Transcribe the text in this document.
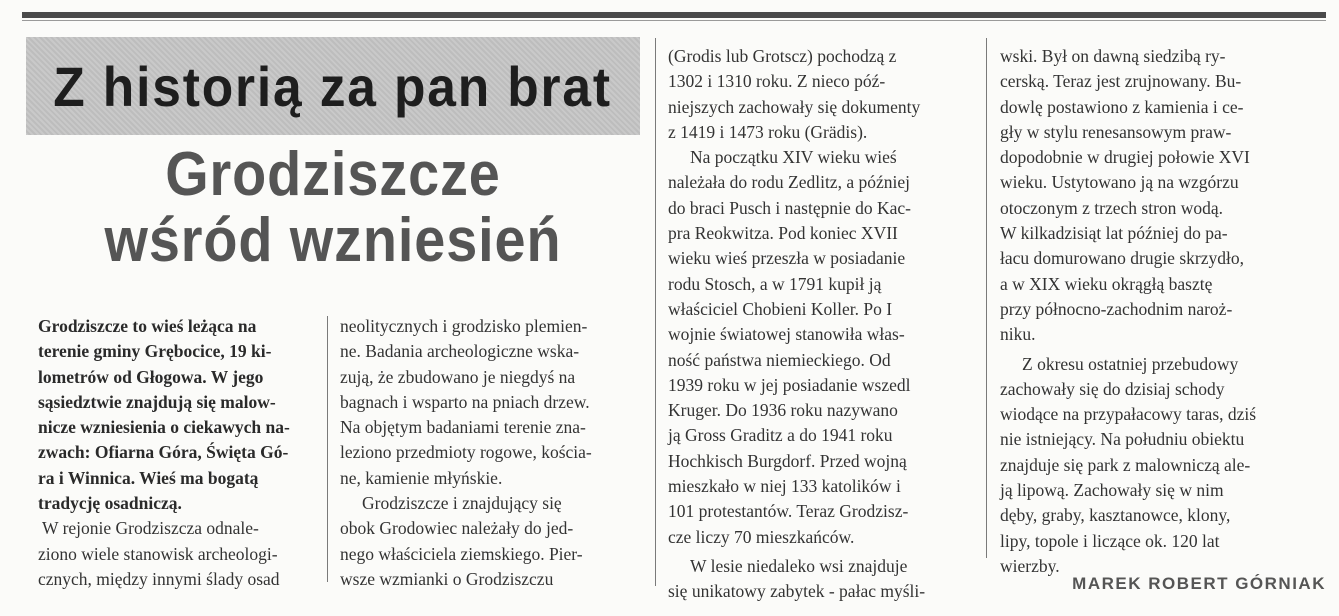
Z historią za pan brat
Grodziszcze
wśród wzniesień
Grodziszcze to wieś leżąca na
terenie gminy Grębocice, 19 ki-
lometrów od Głogowa. W jego
sąsiedztwie znajdują się malow-
nicze wzniesienia o ciekawych na-
zwach: Ofiarna Góra, Święta Gó-
ra i Winnica. Wieś ma bogatą
tradycję osadniczą.
W rejonie Grodziszcza odnale-
ziono wiele stanowisk archeologi-
cznych, między innymi ślady osad
neolitycznych i grodzisko plemien-
ne. Badania archeologiczne wska-
zują, że zbudowano je niegdyś na
bagnach i wsparto na pniach drzew.
Na objętym badaniami terenie zna-
leziono przedmioty rogowe, kościa-
ne, kamienie młyńskie.
Grodziszcze i znajdujący się
obok Grodowiec należały do jed-
nego właściciela ziemskiego. Pier-
wsze wzmianki o Grodziszczu
(Grodis lub Grotscz) pochodzą z
1302 i 1310 roku. Z nieco póź-
niejszych zachowały się dokumenty
z 1419 i 1473 roku (Grädis).
Na początku XIV wieku wieś
należała do rodu Zedlitz, a później
do braci Pusch i następnie do Kac-
pra Reokwitza. Pod koniec XVII
wieku wieś przeszła w posiadanie
rodu Stosch, a w 1791 kupił ją
właściciel Chobieni Koller. Po I
wojnie światowej stanowiła włas-
ność państwa niemieckiego. Od
1939 roku w jej posiadanie wszedl
Kruger. Do 1936 roku nazywano
ją Gross Graditz a do 1941 roku
Hochkisch Burgdorf. Przed wojną
mieszkało w niej 133 katolików i
101 protestantów. Teraz Grodzisz-
cze liczy 70 mieszkańców.
W lesie niedaleko wsi znajduje
się unikatowy zabytek - pałac myśli-
wski. Był on dawną siedzibą ry-
cerską. Teraz jest zrujnowany. Bu-
dowlę postawiono z kamienia i ce-
gły w stylu renesansowym praw-
dopodobnie w drugiej połowie XVI
wieku. Ustytowano ją na wzgórzu
otoczonym z trzech stron wodą.
W kilkadzisiąt lat później do pa-
łacu domurowano drugie skrzydło,
a w XIX wieku okrągłą basztę
przy północno-zachodnim naroż-
niku.
Z okresu ostatniej przebudowy
zachowały się do dzisiaj schody
wiodące na przypałacowy taras, dziś
nie istniejący. Na południu obiektu
znajduje się park z malowniczą ale-
ją lipową. Zachowały się w nim
dęby, graby, kasztanowce, klony,
lipy, topole i liczące ok. 120 lat
wierzby.
MAREK ROBERT GÓRNIAK
